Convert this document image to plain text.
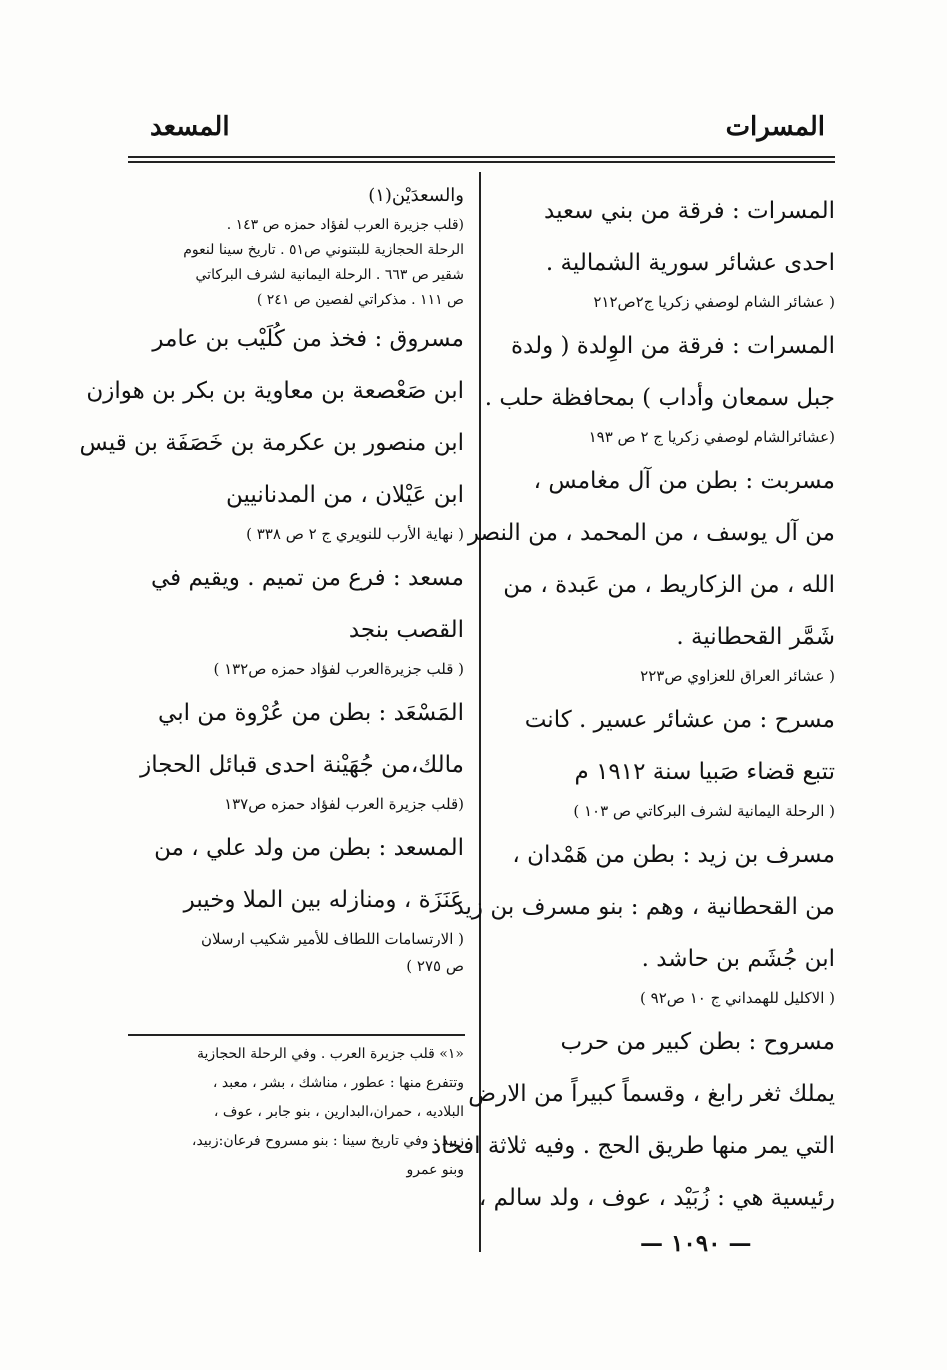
المسرات
المسعد
المسرات : فرقة من بني سعيد
احدى عشائر سورية الشمالية .
( عشائر الشام لوصفي زكريا ج٢ص٢١٢
المسرات : فرقة من الوِلدة ( ولدة
جبل سمعان وأداب ) بمحافظة حلب .
(عشائرالشام لوصفي زكريا ج ٢ ص ١٩٣
مسربت : بطن من آل مغامس ،
من آل يوسف ، من المحمد ، من النصر
الله ، من الزكاريط ، من عَبدة ، من
شَمَّر القحطانية .
( عشائر العراق للعزاوي ص٢٢٣
مسرح : من عشائر عسير . كانت
تتبع قضاء صَبيا سنة ١٩١٢ م
( الرحلة اليمانية لشرف البركاتي ص ١٠٣ )
مسرف بن زيد : بطن من هَمْدان ،
من القحطانية ، وهم : بنو مسرف بن زيد
ابن جُشَم بن حاشد .
( الاكليل للهمداني ج ١٠ ص٩٢ )
مسروح : بطن كبير من حرب
يملك ثغر رابغ ، وقسماً كبيراً من الارض
التي يمر منها طريق الحج . وفيه ثلاثة افخاذ
رئيسية هي : زُبَيْد ، عوف ، ولد سالم ،
والسعدَيْن(١)
(قلب جزيرة العرب لفؤاد حمزه ص ١٤٣ .
الرحلة الحجازية للبتنوني ص٥١ . تاريخ سينا لنعوم
شقير ص ٦٦٣ . الرحلة اليمانية لشرف البركاتي
ص ١١١ . مذكراتي لفصين ص ٢٤١ )
مسروق : فخذ من كُلَيْب بن عامر
ابن صَعْصعة بن معاوية بن بكر بن هوازن
ابن منصور بن عكرمة بن خَصَفَة بن قيس
ابن عَيْلان ، من المدنانيين
( نهاية الأرب للنويري ج ٢ ص ٣٣٨ )
مسعد : فرع من تميم . ويقيم في
القصب بنجد
( قلب جزيرةالعرب لفؤاد حمزه ص١٣٢ )
المَسْعَد : بطن من عُرْوة من ابي
مالك،من جُهَيْنة احدى قبائل الحجاز
(قلب جزيرة العرب لفؤاد حمزه ص١٣٧
المسعد : بطن من ولد علي ، من
عَنَزَة ، ومنازله بين الملا وخيبر
( الارتسامات اللطاف للأمير شكيب ارسلان
ص ٢٧٥ )
«١» قلب جزيرة العرب . وفي الرحلة الحجازية
وتتفرع منها : عطور ، مناشك ، بشر ، معبد ،
البلاديه ، حمران،البدارين ، بنو جابر ، عوف ،
زبيد . وفي تاريخ سينا : بنو مسروح فرعان:زبيد،
وبنو عمرو
— ١٠٩٠ —
